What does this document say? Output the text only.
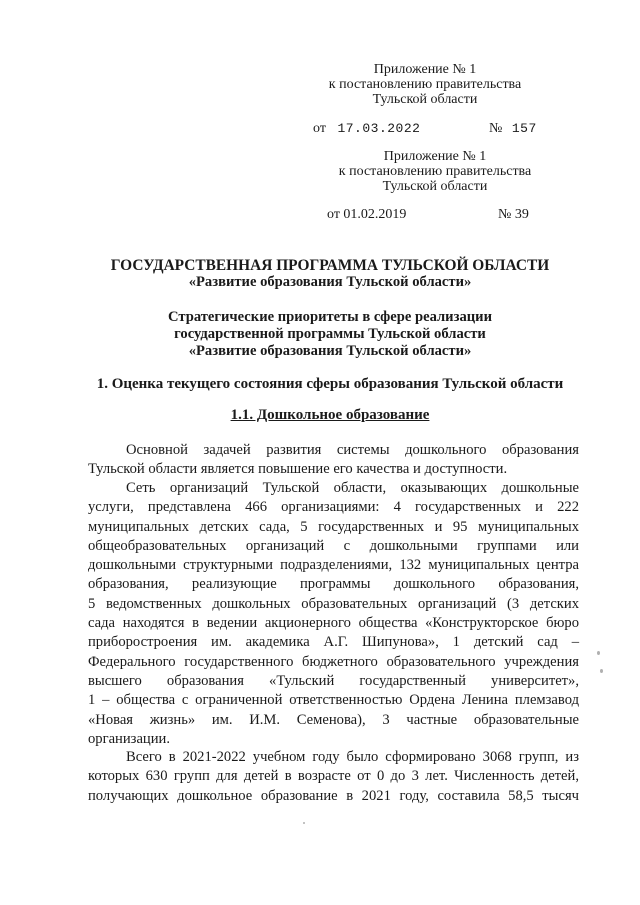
Приложение № 1
к постановлению правительства
Тульской области
от 17.03.2022	№ 157
Приложение № 1
к постановлению правительства
Тульской области
от 01.02.2019	№ 39
ГОСУДАРСТВЕННАЯ ПРОГРАММА ТУЛЬСКОЙ ОБЛАСТИ
«Развитие образования Тульской области»
Стратегические приоритеты в сфере реализации
государственной программы Тульской области
«Развитие образования Тульской области»
1. Оценка текущего состояния сферы образования Тульской области
1.1. Дошкольное образование
Основной задачей развития системы дошкольного образования
Тульской области является повышение его качества и доступности.
Сеть организаций Тульской области, оказывающих дошкольные
услуги, представлена 466 организациями: 4 государственных и 222
муниципальных детских сада, 5 государственных и 95 муниципальных
общеобразовательных организаций с дошкольными группами или
дошкольными структурными подразделениями, 132 муниципальных центра
образования, реализующие программы дошкольного образования,
5 ведомственных дошкольных образовательных организаций (3 детских
сада находятся в ведении акционерного общества «Конструкторское бюро
приборостроения им. академика А.Г. Шипунова», 1 детский сад –
Федерального государственного бюджетного образовательного учреждения
высшего образования «Тульский государственный университет»,
1 – общества с ограниченной ответственностью Ордена Ленина племзавод
«Новая жизнь» им. И.М. Семенова), 3 частные образовательные
организации.
Всего в 2021-2022 учебном году было сформировано 3068 групп, из
которых 630 групп для детей в возрасте от 0 до 3 лет. Численность детей,
получающих дошкольное образование в 2021 году, составила 58,5 тысяч
